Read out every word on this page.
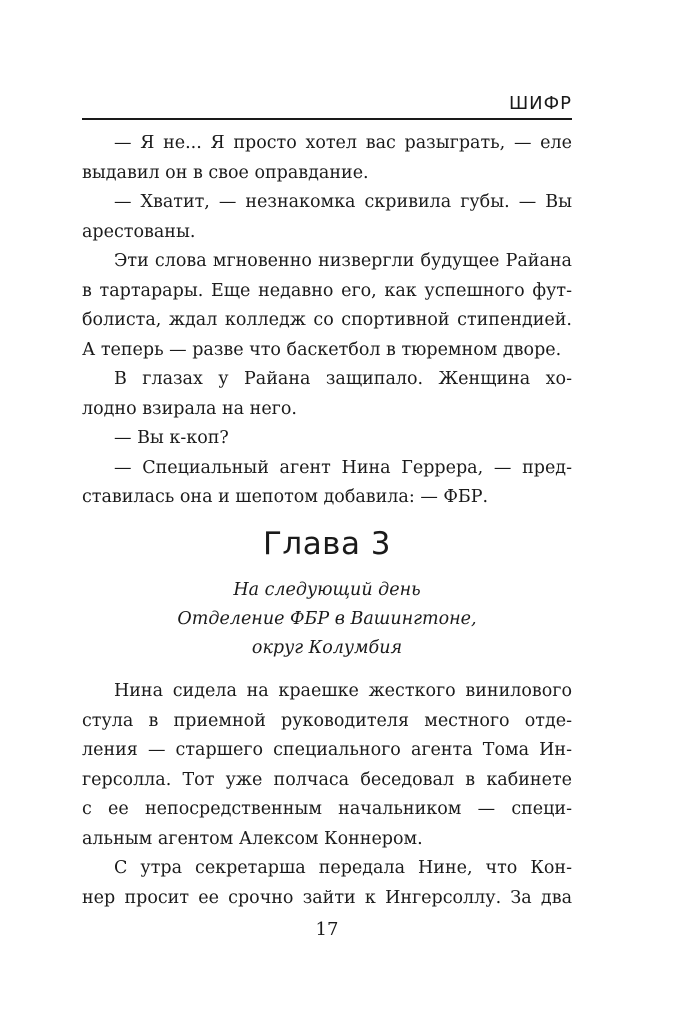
ШИФР
— Я не... Я просто хотел вас разыграть, — еле
выдавил он в свое оправдание.
— Хватит, — незнакомка скривила губы. — Вы
арестованы.
Эти слова мгновенно низвергли будущее Райана
в тартарары. Еще недавно его, как успешного фут-
болиста, ждал колледж со спортивной стипендией.
А теперь — разве что баскетбол в тюремном дворе.
В глазах у Райана защипало. Женщина хо-
лодно взирала на него.
— Вы к-коп?
— Специальный агент Нина Геррера, — пред-
ставилась она и шепотом добавила: — ФБР.
Глава 3
На следующий день
Отделение ФБР в Вашингтоне,
округ Колумбия
Нина сидела на краешке жесткого винилового
стула в приемной руководителя местного отде-
ления — старшего специального агента Тома Ин-
герсолла. Тот уже полчаса беседовал в кабинете
с ее непосредственным начальником — специ-
альным агентом Алексом Коннером.
С утра секретарша передала Нине, что Кон-
нер просит ее срочно зайти к Ингерсоллу. За два
17
